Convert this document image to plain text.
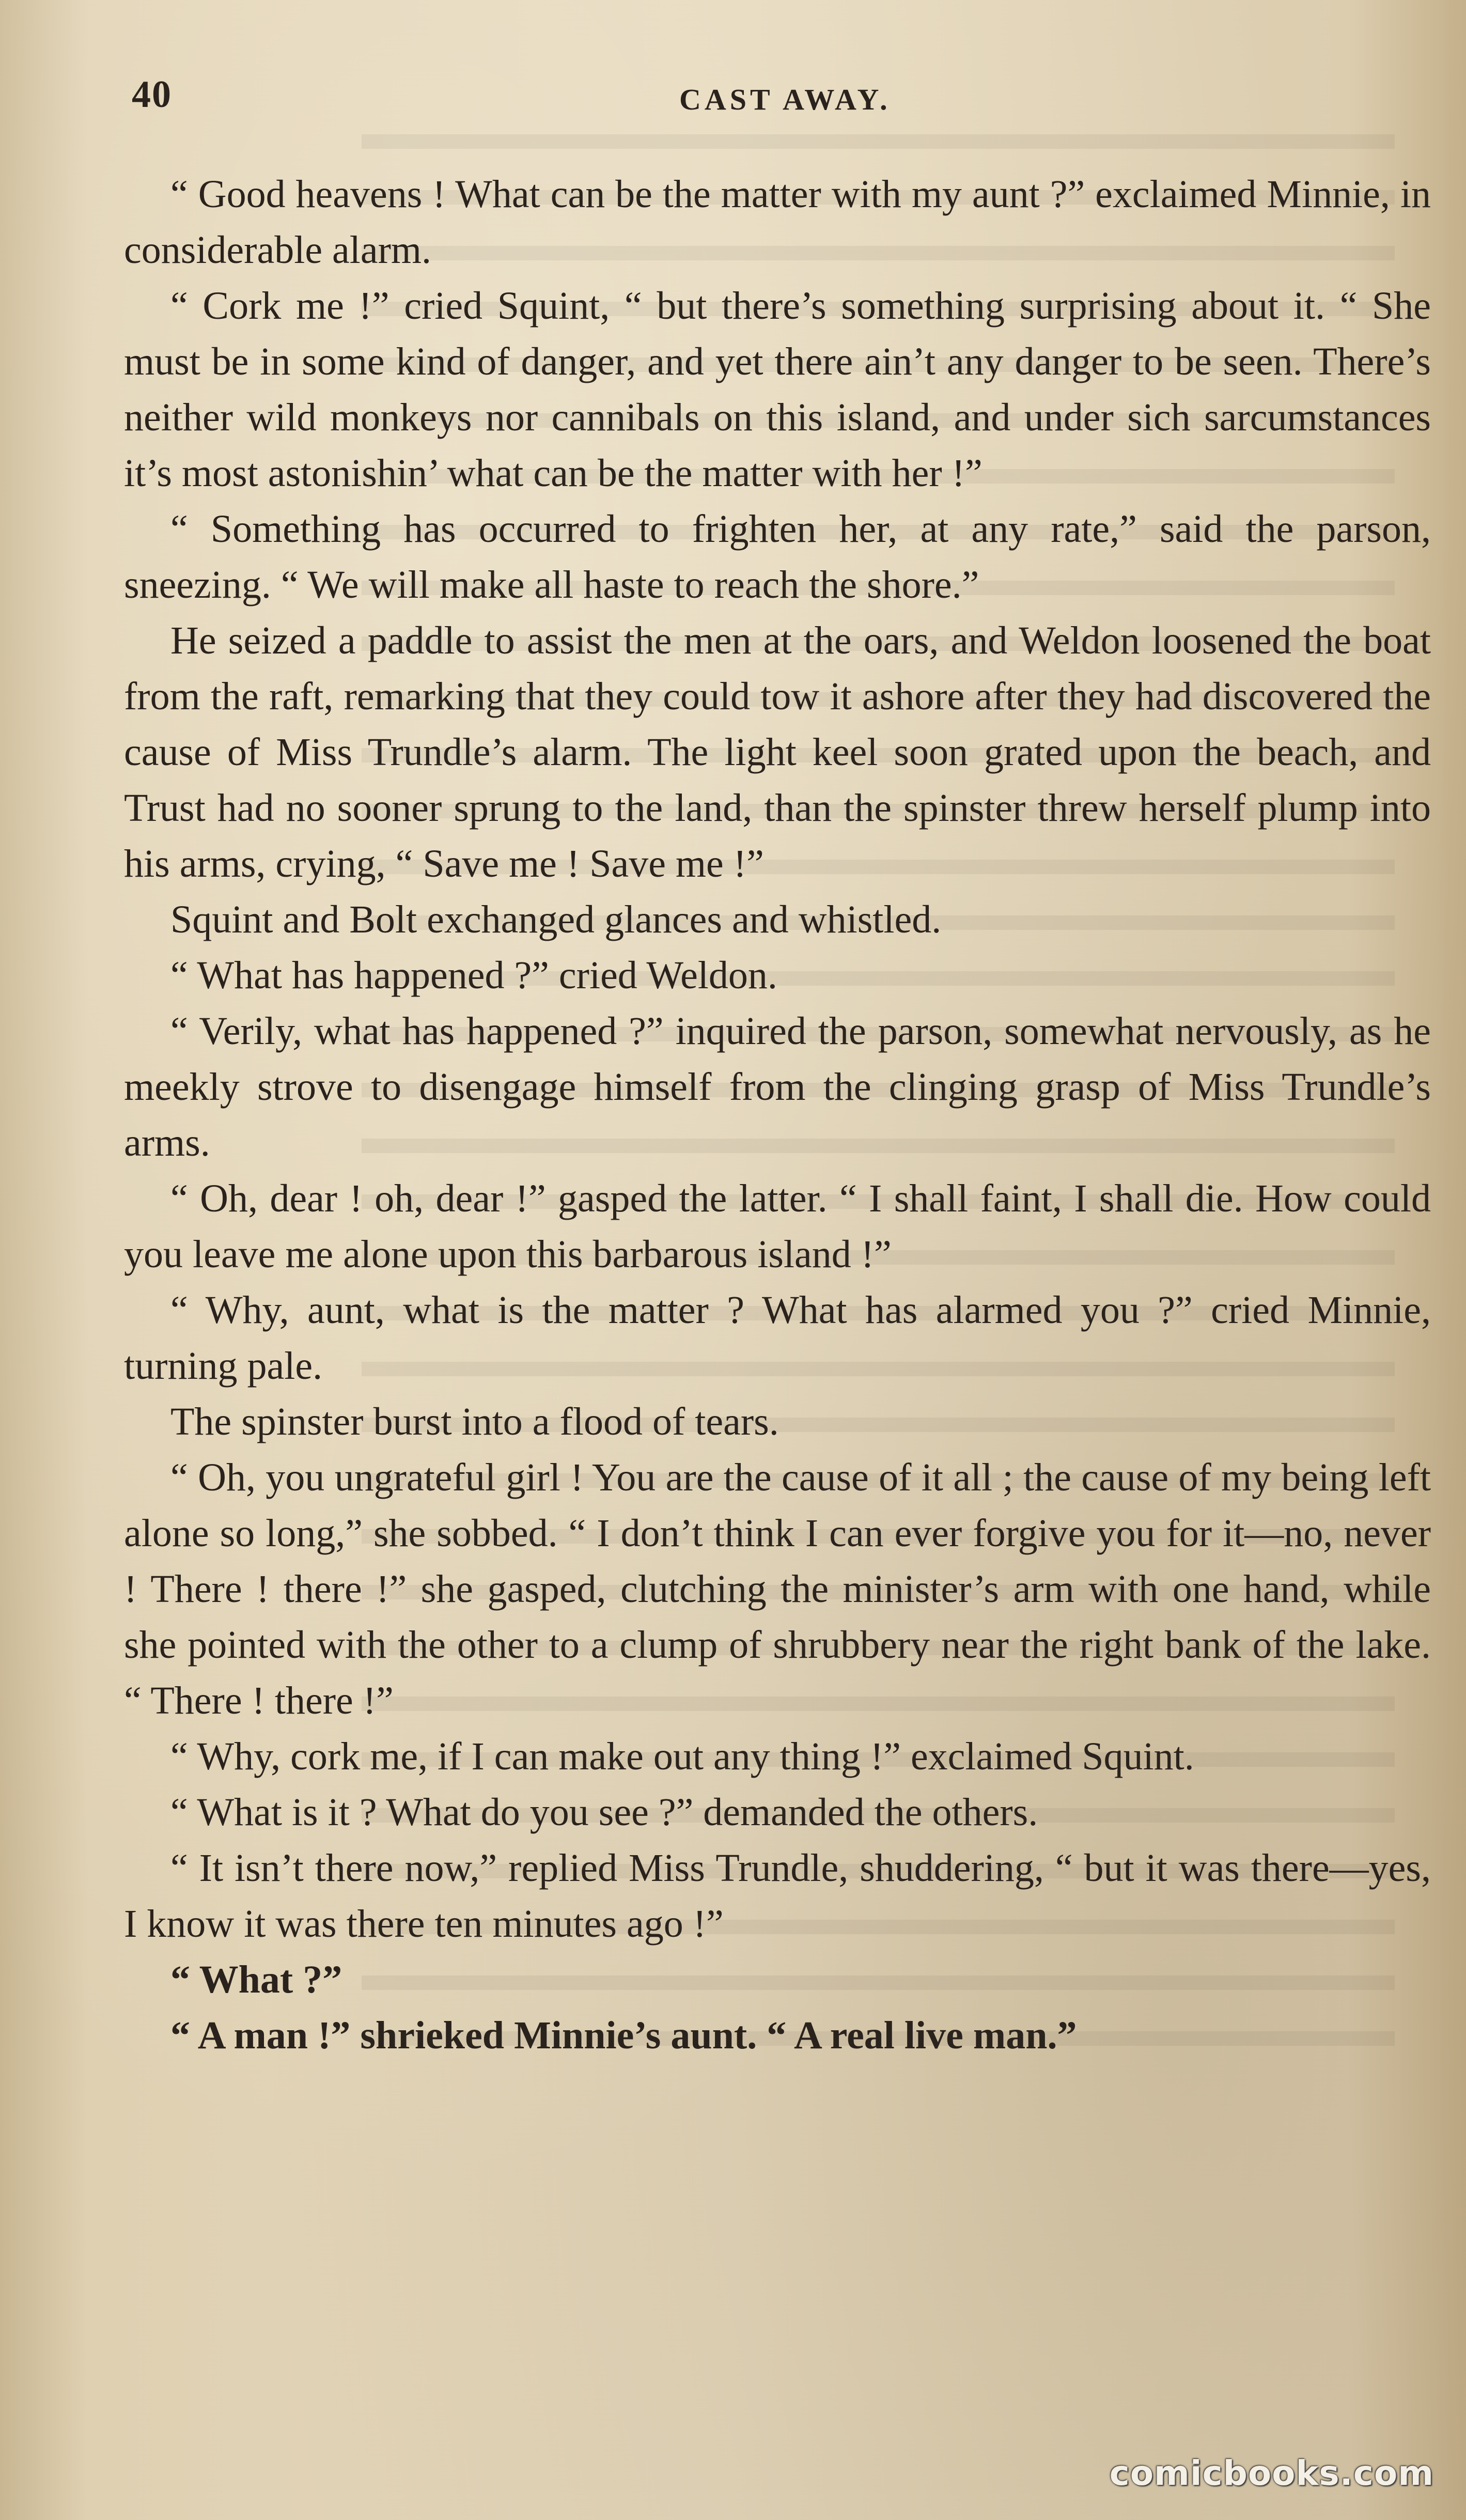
40	CAST AWAY.

“ Good heavens ! What can be the matter with my aunt ?” exclaimed Minnie, in considerable alarm.

“ Cork me !” cried Squint, “ but there’s something surprising about it. “ She must be in some kind of danger, and yet there ain’t any danger to be seen. There’s neither wild monkeys nor cannibals on this island, and under sich sarcumstances it’s most astonishin’ what can be the matter with her !”

“ Something has occurred to frighten her, at any rate,” said the parson, sneezing. “ We will make all haste to reach the shore.”

He seized a paddle to assist the men at the oars, and Weldon loosened the boat from the raft, remarking that they could tow it ashore after they had discovered the cause of Miss Trundle’s alarm. The light keel soon grated upon the beach, and Trust had no sooner sprung to the land, than the spinster threw herself plump into his arms, crying, “ Save me ! Save me !”

Squint and Bolt exchanged glances and whistled.

“ What has happened ?” cried Weldon.

“ Verily, what has happened ?” inquired the parson, somewhat nervously, as he meekly strove to disengage himself from the clinging grasp of Miss Trundle’s arms.

“ Oh, dear ! oh, dear !” gasped the latter. “ I shall faint, I shall die. How could you leave me alone upon this barbarous island !”

“ Why, aunt, what is the matter ? What has alarmed you ?” cried Minnie, turning pale.

The spinster burst into a flood of tears.

“ Oh, you ungrateful girl ! You are the cause of it all ; the cause of my being left alone so long,” she sobbed. “ I don’t think I can ever forgive you for it—no, never ! There ! there !” she gasped, clutching the minister’s arm with one hand, while she pointed with the other to a clump of shrubbery near the right bank of the lake. “ There ! there !”

“ Why, cork me, if I can make out any thing !” exclaimed Squint.

“ What is it ? What do you see ?” demanded the others.

“ It isn’t there now,” replied Miss Trundle, shuddering, “ but it was there—yes, I know it was there ten minutes ago !”

“ What ?”

“ A man !” shrieked Minnie’s aunt. “ A real live man.”

comicbooks.com
